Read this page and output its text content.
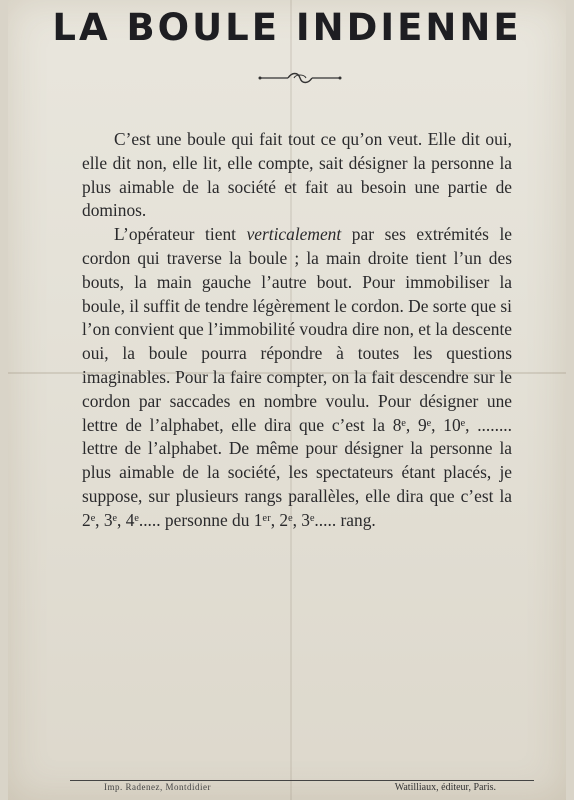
LA BOULE INDIENNE

C’est une boule qui fait tout ce qu’on veut. Elle dit oui, elle dit non, elle lit, elle compte, sait désigner la personne la plus aimable de la société et fait au besoin une partie de dominos.

L’opérateur tient verticalement par ses extrémités le cordon qui traverse la boule ; la main droite tient l’un des bouts, la main gauche l’autre bout. Pour immobiliser la boule, il suffit de tendre légèrement le cordon. De sorte que si l’on convient que l’immobilité voudra dire non, et la descente oui, la boule pourra répondre à toutes les questions imaginables. Pour la faire compter, on la fait descendre sur le cordon par saccades en nombre voulu. Pour désigner une lettre de l’alphabet, elle dira que c’est la 8ᵉ, 9ᵉ, 10ᵉ, ........ lettre de l’alphabet. De même pour désigner la personne la plus aimable de la société, les spectateurs étant placés, je suppose, sur plusieurs rangs parallèles, elle dira que c’est la 2ᵉ, 3ᵉ, 4ᵉ..... personne du 1ᵉʳ, 2ᵉ, 3ᵉ..... rang.

Imp. Radenez, Montdidier	Watilliaux, éditeur, Paris.
